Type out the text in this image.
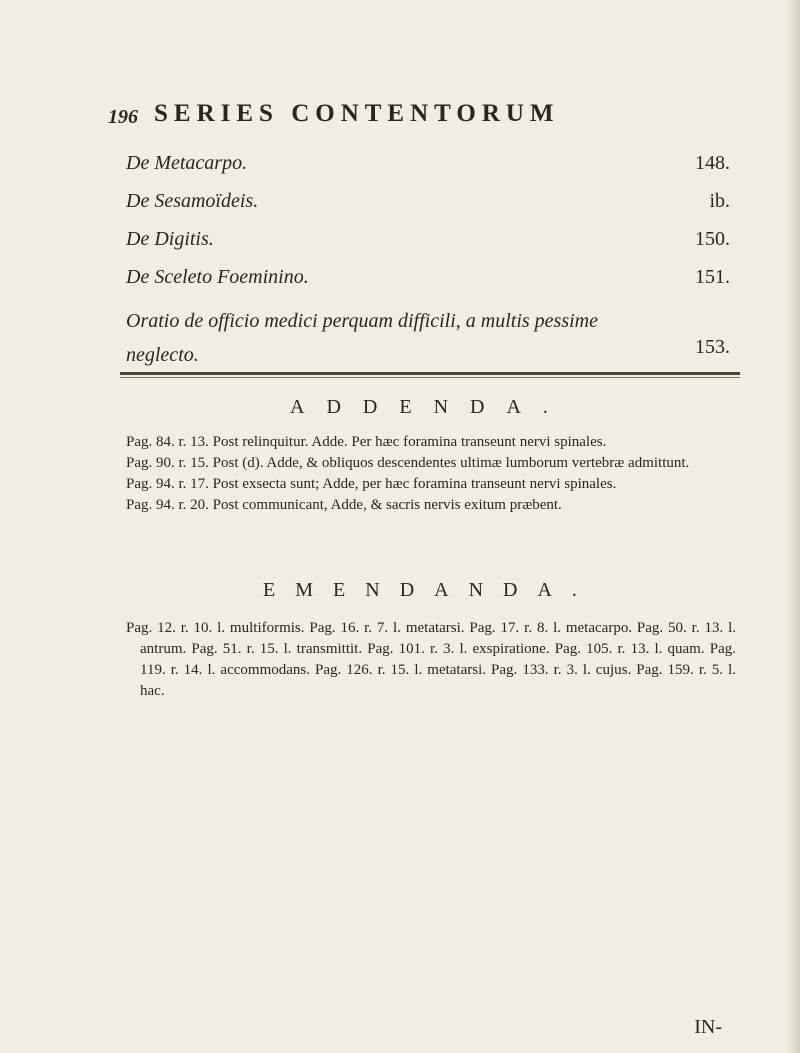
196 SERIES CONTENTORUM
De Metacarpo.	148.
De Sesamoïdeis.	ib.
De Digitis.	150.
De Sceleto Foeminino.	151.
Oratio de officio medici perquam difficili, a multis pessime neglecto.	153.
ADDENDA.

Pag. 84. r. 13. Post relinquitur. Adde. Per hæc foramina transeunt nervi spinales.

Pag. 90. r. 15. Post (d). Adde, & obliquos descendentes ultimæ lumborum vertebræ admittunt.

Pag. 94. r. 17. Post exsecta sunt; Adde, per hæc foramina transeunt nervi spinales.

Pag. 94. r. 20. Post communicant, Adde, & sacris nervis exitum præbent.

EMENDANDA.

Pag. 12. r. 10. l. multiformis. Pag. 16. r. 7. l. metatarsi. Pag. 17. r. 8. l. metacarpo. Pag. 50. r. 13. l. antrum. Pag. 51. r. 15. l. transmittit. Pag. 101. r. 3. l. exspiratione. Pag. 105. r. 13. l. quam. Pag. 119. r. 14. l. accommodans. Pag. 126. r. 15. l. metatarsi. Pag. 133. r. 3. l. cujus. Pag. 159. r. 5. l. hac.

IN-
